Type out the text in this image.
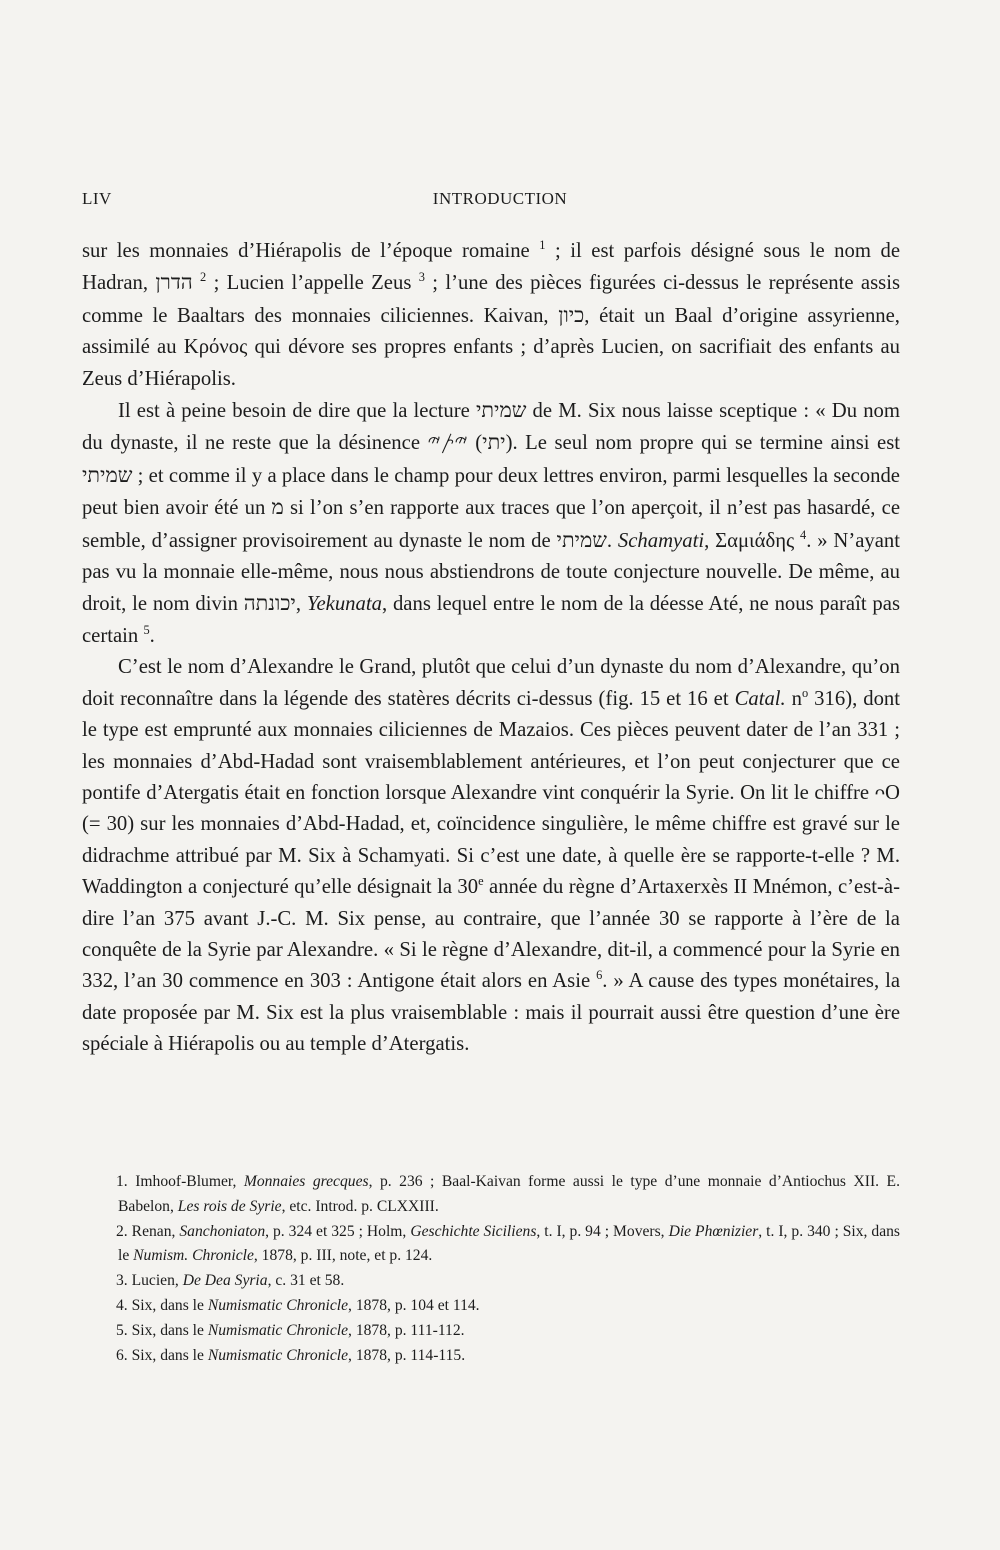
LIV	INTRODUCTION

sur les monnaies d’Hiérapolis de l’époque romaine $^1$ ; il est parfois désigné sous le nom de Hadran, הדרן $^2$ ; Lucien l’appelle Zeus $^3$ ; l’une des pièces figurées ci-dessus le représente assis comme le Baaltars des monnaies ciliciennes. Kaivan, כיון, était un Baal d’origine assyrienne, assimilé au Κρόνος qui dévore ses propres enfants ; d’après Lucien, on sacrifiait des enfants au Zeus d’Hiérapolis.

Il est à peine besoin de dire que la lecture שמיתי de M. Six nous laisse sceptique : « Du nom du dynaste, il ne reste que la désinence 𐤉𐤕𐤉 (יתי). Le seul nom propre qui se termine ainsi est שמיתי ; et comme il y a place dans le champ pour deux lettres environ, parmi lesquelles la seconde peut bien avoir été un מ si l’on s’en rapporte aux traces que l’on aperçoit, il n’est pas hasardé, ce semble, d’assigner provisoirement au dynaste le nom de שמיתי. Schamyati, Σαμιάδης $^4$. » N’ayant pas vu la monnaie elle-même, nous nous abstiendrons de toute conjecture nouvelle. De même, au droit, le nom divin יכונתה, Yekunata, dans lequel entre le nom de la déesse Até, ne nous paraît pas certain $^5$.

C’est le nom d’Alexandre le Grand, plutôt que celui d’un dynaste du nom d’Alexandre, qu’on doit reconnaître dans la légende des statères décrits ci-dessus (fig. 15 et 16 et Catal. $n^o$ 316), dont le type est emprunté aux monnaies ciliciennes de Mazaios. Ces pièces peuvent dater de l’an 331 ; les monnaies d’Abd-Hadad sont vraisemblablement antérieures, et l’on peut conjecturer que ce pontife d’Atergatis était en fonction lorsque Alexandre vint conquérir la Syrie. On lit le chiffre ᴖO (= 30) sur les monnaies d’Abd-Hadad, et, coïncidence singulière, le même chiffre est gravé sur le didrachme attribué par M. Six à Schamyati. Si c’est une date, à quelle ère se rapporte-t-elle ? M. Waddington a conjecturé qu’elle désignait la 30e année du règne d’Artaxerxès II Mnémon, c’est-à-dire l’an 375 avant J.-C. M. Six pense, au contraire, que l’année 30 se rapporte à l’ère de la conquête de la Syrie par Alexandre. « Si le règne d’Alexandre, dit-il, a commencé pour la Syrie en 332, l’an 30 commence en 303 : Antigone était alors en Asie $^6$. » A cause des types monétaires, la date proposée par M. Six est la plus vraisemblable : mais il pourrait aussi être question d’une ère spéciale à Hiérapolis ou au temple d’Atergatis.

1. Imhoof-Blumer, Monnaies grecques, p. 236 ; Baal-Kaivan forme aussi le type d’une monnaie d’Antiochus XII. E. Babelon, Les rois de Syrie, etc. Introd. p. CLXXIII.

2. Renan, Sanchoniaton, p. 324 et 325 ; Holm, Geschichte Siciliens, t. I, p. 94 ; Movers, Die Phœnizier, t. I, p. 340 ; Six, dans le Numism. Chronicle, 1878, p. III, note, et p. 124.

3. Lucien, De Dea Syria, c. 31 et 58.

4. Six, dans le Numismatic Chronicle, 1878, p. 104 et 114.

5. Six, dans le Numismatic Chronicle, 1878, p. 111-112.

6. Six, dans le Numismatic Chronicle, 1878, p. 114-115.
